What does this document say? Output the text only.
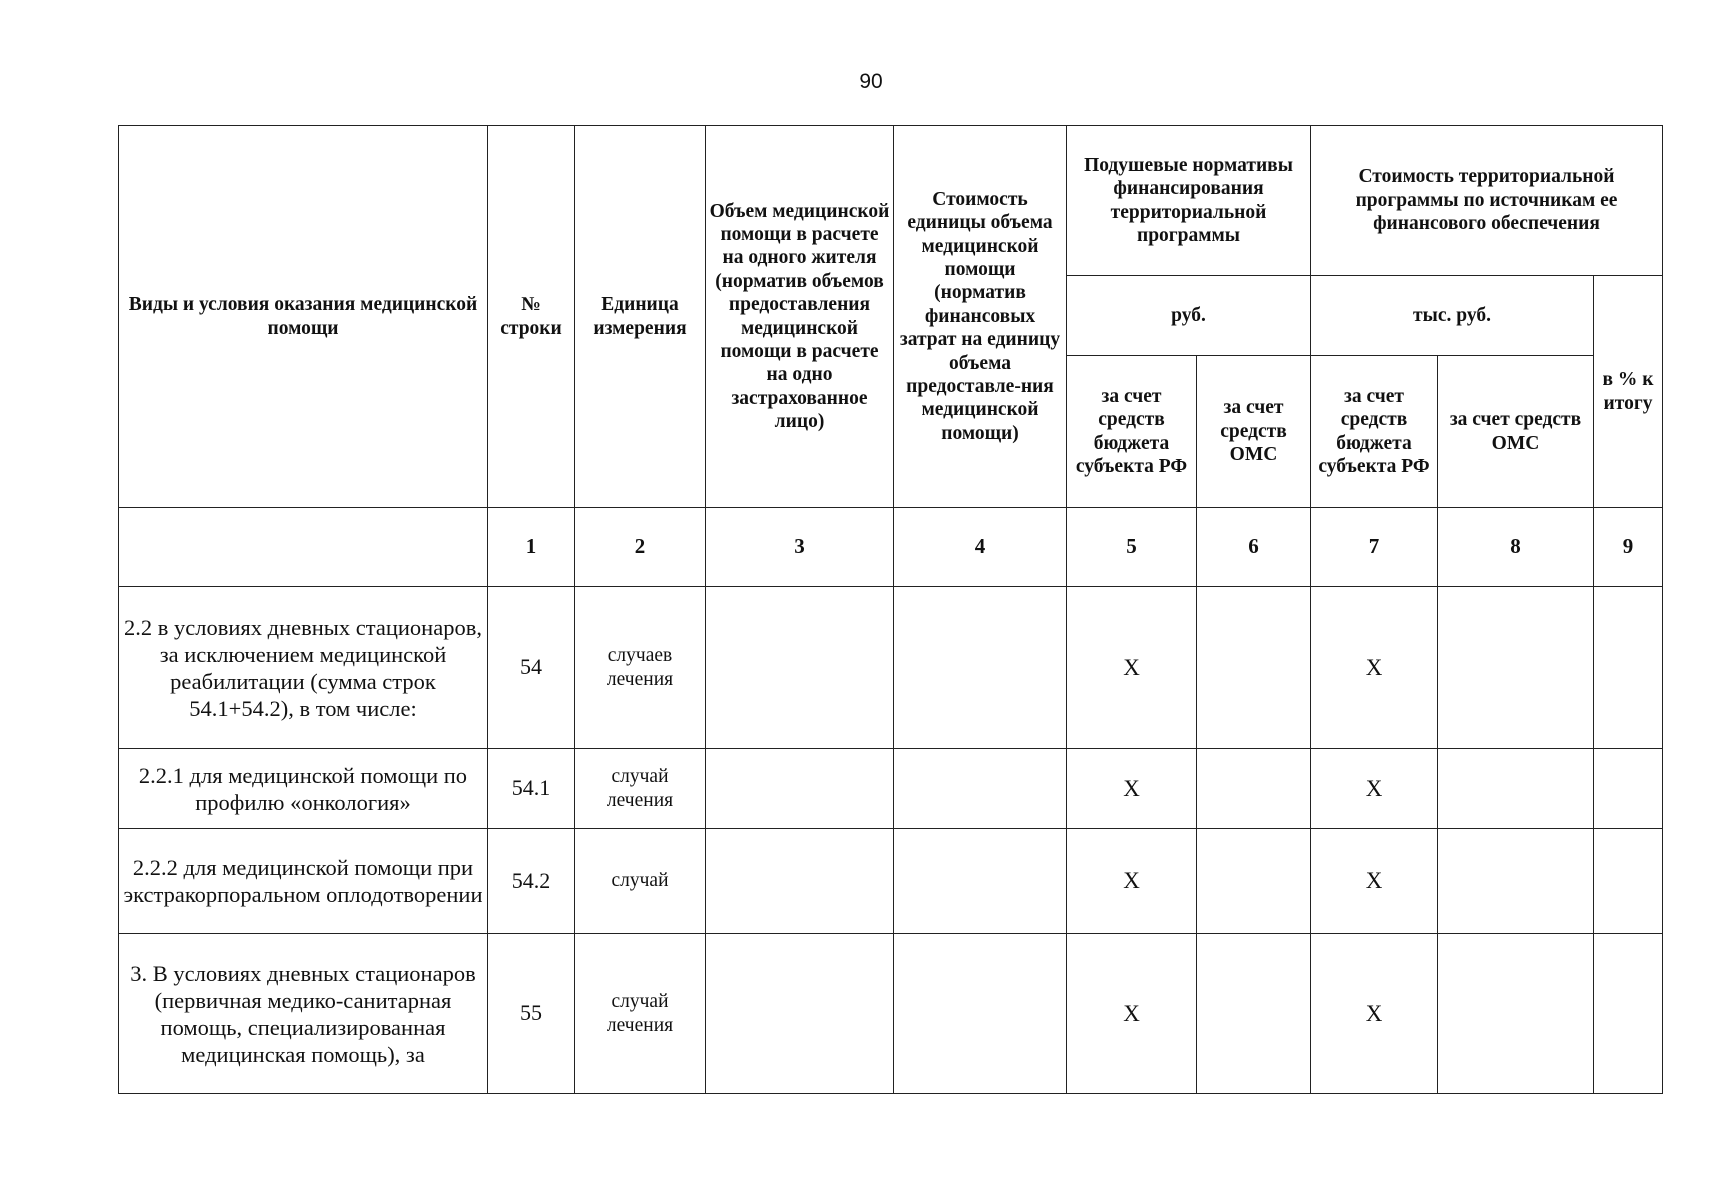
90
Виды и условия оказания медицинской помощи	№ строки	Единица измерения	Объем медицинской помощи в расчете на одного жителя (норматив объемов предоставления медицинской помощи в расчете на одно застрахованное лицо)	Стоимость единицы объема медицинской помощи (норматив финансовых затрат на единицу объема предоставле-ния медицинской помощи)	Подушевые нормативы финансирования территориальной программы		Стоимость территориальной программы по источникам ее финансового обеспечения		
					руб.		тыс. руб.		в % к итогу
					за счет средств бюджета субъекта РФ	за счет средств ОМС	за счет средств бюджета субъекта РФ	за счет средств ОМС	
	1	2	3	4	5	6	7	8	9
2.2 в условиях дневных стационаров, за исключением медицинской реабилитации (сумма строк 54.1+54.2), в том числе:	54	случаев лечения			X		X		
2.2.1 для медицинской помощи по профилю «онкология»	54.1	случай лечения			X		X		
2.2.2 для медицинской помощи при экстракорпоральном оплодотворении	54.2	случай			X		X		
3. В условиях дневных стационаров (первичная медико-санитарная помощь, специализированная медицинская помощь), за	55	случай лечения			X		X		
